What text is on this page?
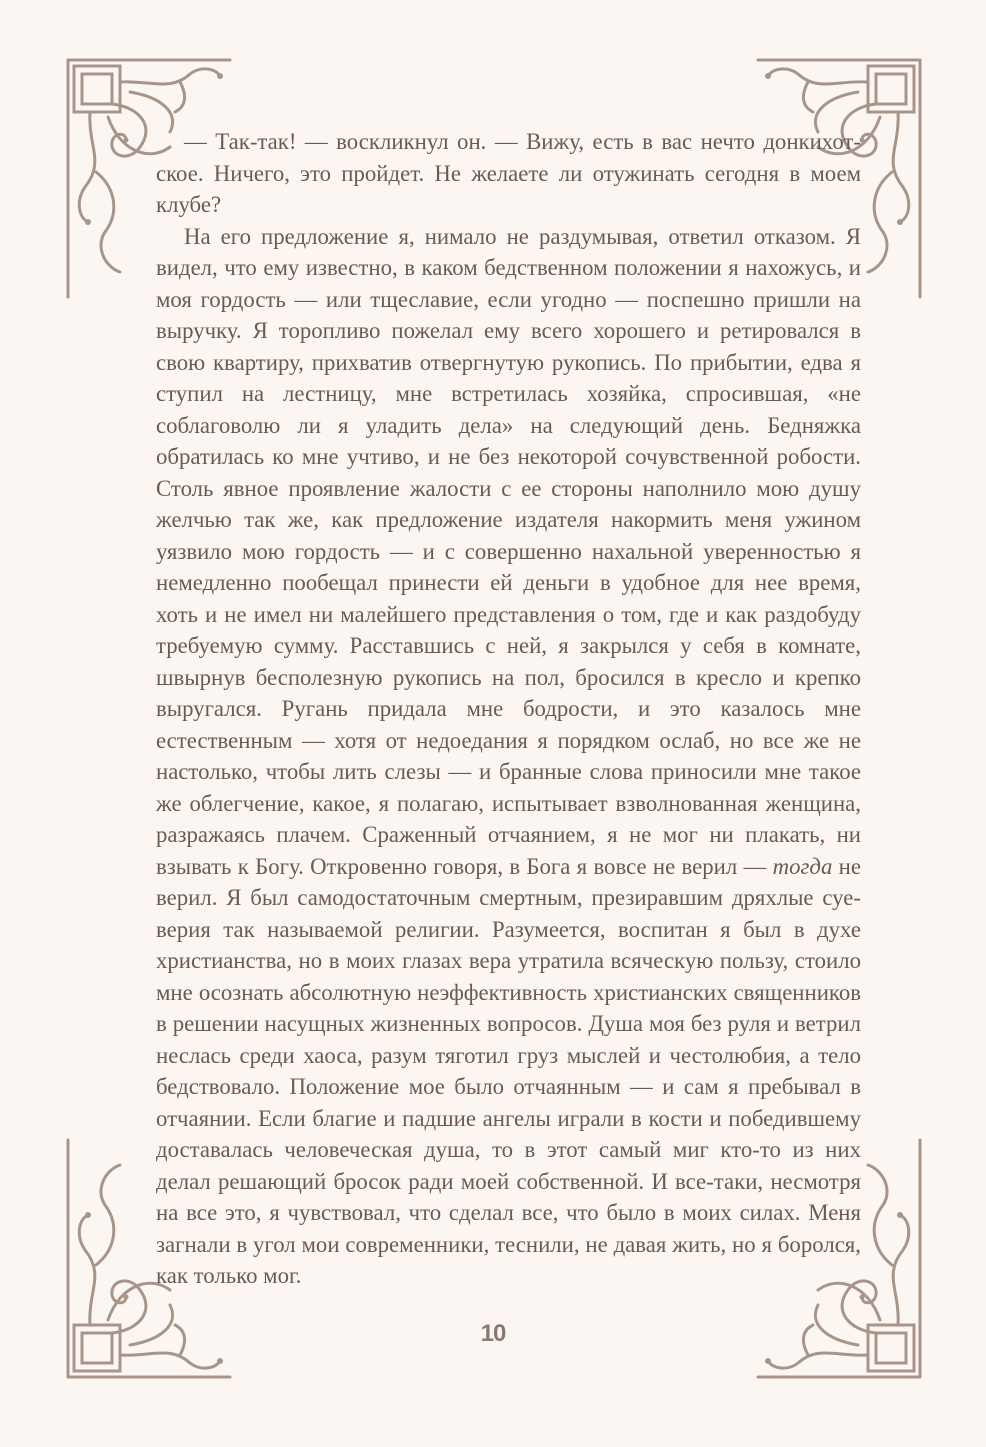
— Так-так! — воскликнул он. — Вижу, есть в вас нечто донкихотское. Ничего, это пройдет. Не желаете ли отужинать сегодня в моем клубе?

На его предложение я, нимало не раздумывая, ответил отказом. Я видел, что ему известно, в каком бедственном положении я нахожусь, и моя гордость — или тщеславие, если угодно — поспешно пришли на выручку. Я торопливо пожелал ему всего хорошего и ретировался в свою квартиру, прихватив отвергнутую рукопись. По прибытии, едва я ступил на лестницу, мне встретилась хозяйка, спросившая, «не соблаговолю ли я уладить дела» на следующий день. Бедняжка обратилась ко мне учтиво, и не без некоторой сочувственной робости. Столь явное проявление жалости с ее стороны наполнило мою душу желчью так же, как предложение издателя накормить меня ужином уязвило мою гордость — и с совершенно нахальной уверенностью я немедленно пообещал принести ей деньги в удобное для нее время, хоть и не имел ни малейшего представления о том, где и как раздобуду требуемую сумму. Расставшись с ней, я закрылся у себя в комнате, швырнув бесполезную рукопись на пол, бросился в кресло и крепко выругался. Ругань придала мне бодрости, и это казалось мне естественным — хотя от недоедания я порядком ослаб, но все же не настолько, чтобы лить слезы — и бранные слова приносили мне такое же облегчение, какое, я полагаю, испытывает взволнованная женщина, разражаясь плачем. Сраженный отчаянием, я не мог ни плакать, ни взывать к Богу. Откровенно говоря, в Бога я вовсе не верил — тогда не верил. Я был самодостаточным смертным, презиравшим дряхлые суеверия так называемой религии. Разумеется, воспитан я был в духе христианства, но в моих глазах вера утратила всяческую пользу, стоило мне осознать абсолютную неэффективность христианских священников в решении насущных жизненных вопросов. Душа моя без руля и ветрил неслась среди хаоса, разум тяготил груз мыслей и честолюбия, а тело бедствовало. Положение мое было отчаянным — и сам я пребывал в отчаянии. Если благие и падшие ангелы играли в кости и победившему доставалась человеческая душа, то в этот самый миг кто-то из них делал решающий бросок ради моей собственной. И все-таки, несмотря на все это, я чувствовал, что сделал все, что было в моих силах. Меня загнали в угол мои современники, теснили, не давая жить, но я боролся, как только мог.

10
